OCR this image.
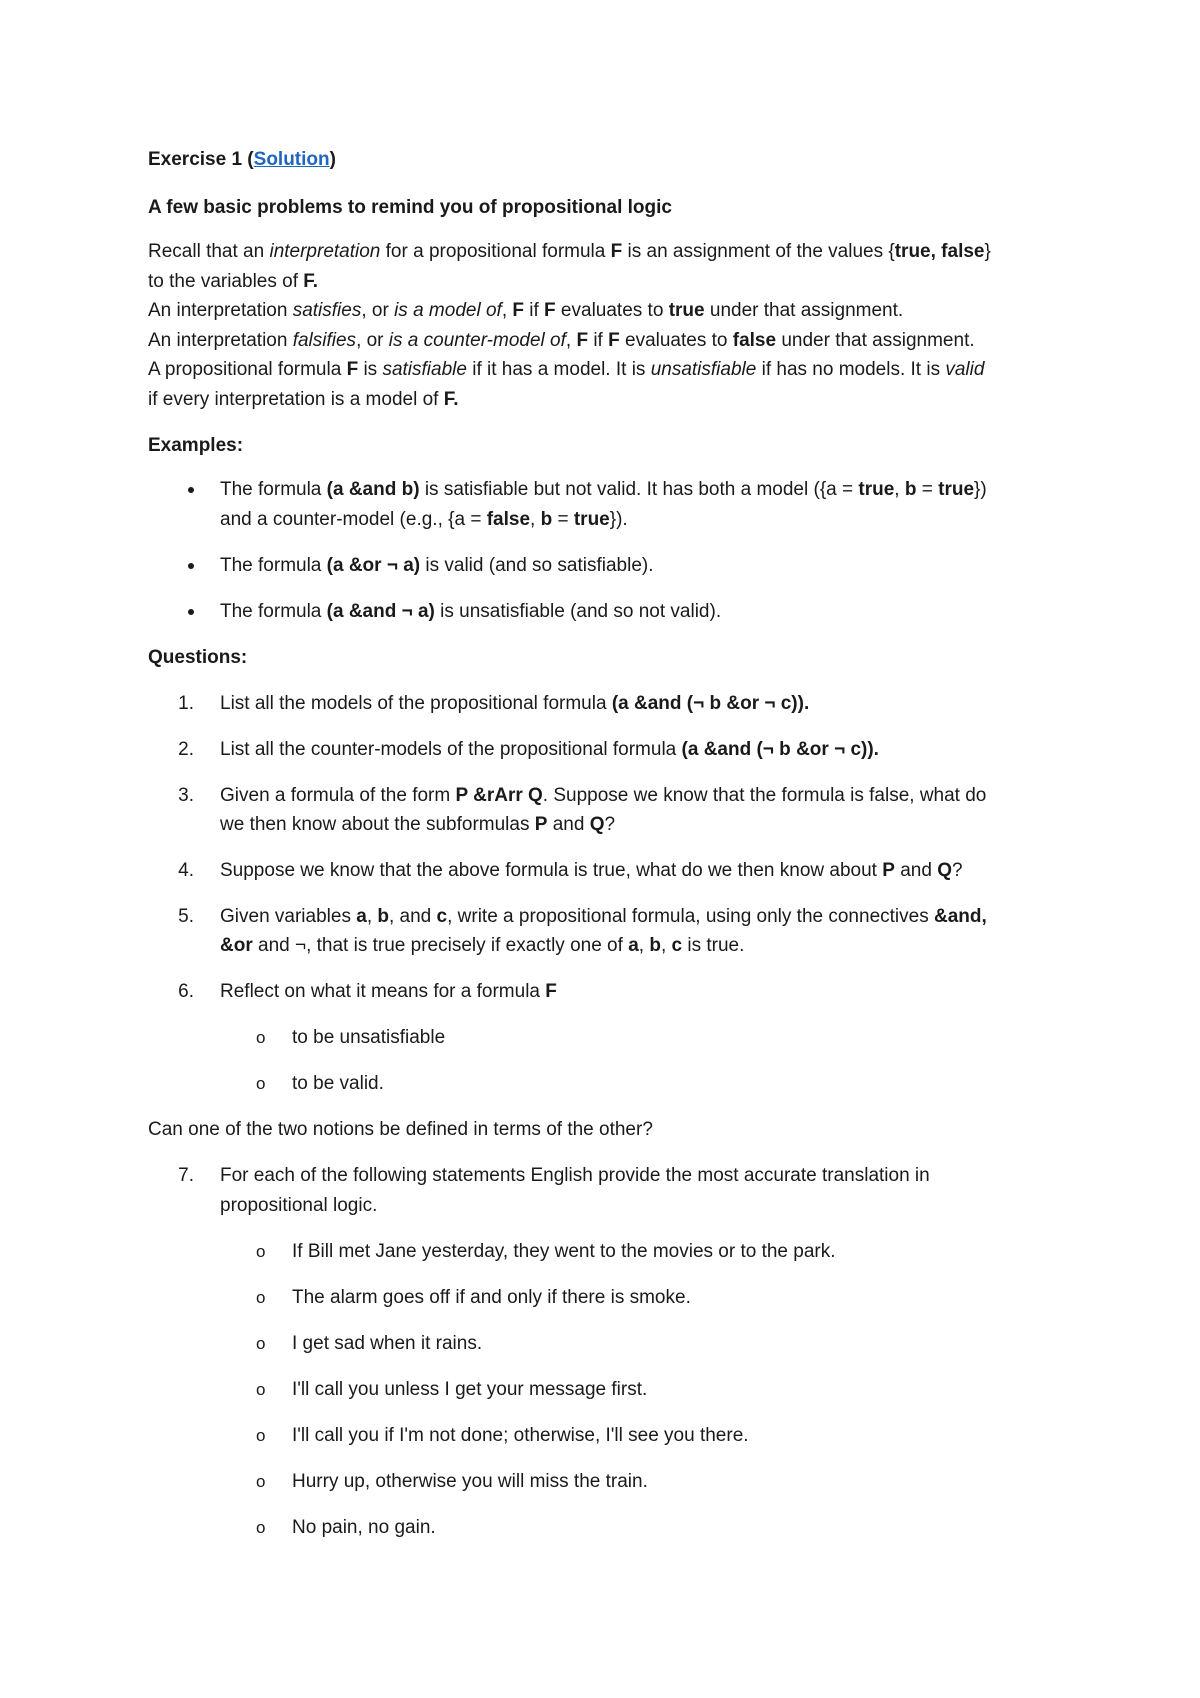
Exercise 1 (Solution)
A few basic problems to remind you of propositional logic
Recall that an interpretation for a propositional formula F is an assignment of the values {true, false}
to the variables of F.
An interpretation satisfies, or is a model of, F if F evaluates to true under that assignment.
An interpretation falsifies, or is a counter-model of, F if F evaluates to false under that assignment.
A propositional formula F is satisfiable if it has a model. It is unsatisfiable if has no models. It is valid
if every interpretation is a model of F.
Examples:
The formula (a &and b) is satisfiable but not valid. It has both a model ({a = true, b = true})
and a counter-model (e.g., {a = false, b = true}).
The formula (a &or ¬ a) is valid (and so satisfiable).
The formula (a &and ¬ a) is unsatisfiable (and so not valid).
Questions:
1. List all the models of the propositional formula (a &and (¬ b &or ¬ c)).
2. List all the counter-models of the propositional formula (a &and (¬ b &or ¬ c)).
3. Given a formula of the form P &rArr Q. Suppose we know that the formula is false, what do
we then know about the subformulas P and Q?
4. Suppose we know that the above formula is true, what do we then know about P and Q?
5. Given variables a, b, and c, write a propositional formula, using only the connectives &and,
&or and ¬, that is true precisely if exactly one of a, b, c is true.
6. Reflect on what it means for a formula F
o to be unsatisfiable
o to be valid.
Can one of the two notions be defined in terms of the other?
7. For each of the following statements English provide the most accurate translation in
propositional logic.
o If Bill met Jane yesterday, they went to the movies or to the park.
o The alarm goes off if and only if there is smoke.
o I get sad when it rains.
o I'll call you unless I get your message first.
o I'll call you if I'm not done; otherwise, I'll see you there.
o Hurry up, otherwise you will miss the train.
o No pain, no gain.
